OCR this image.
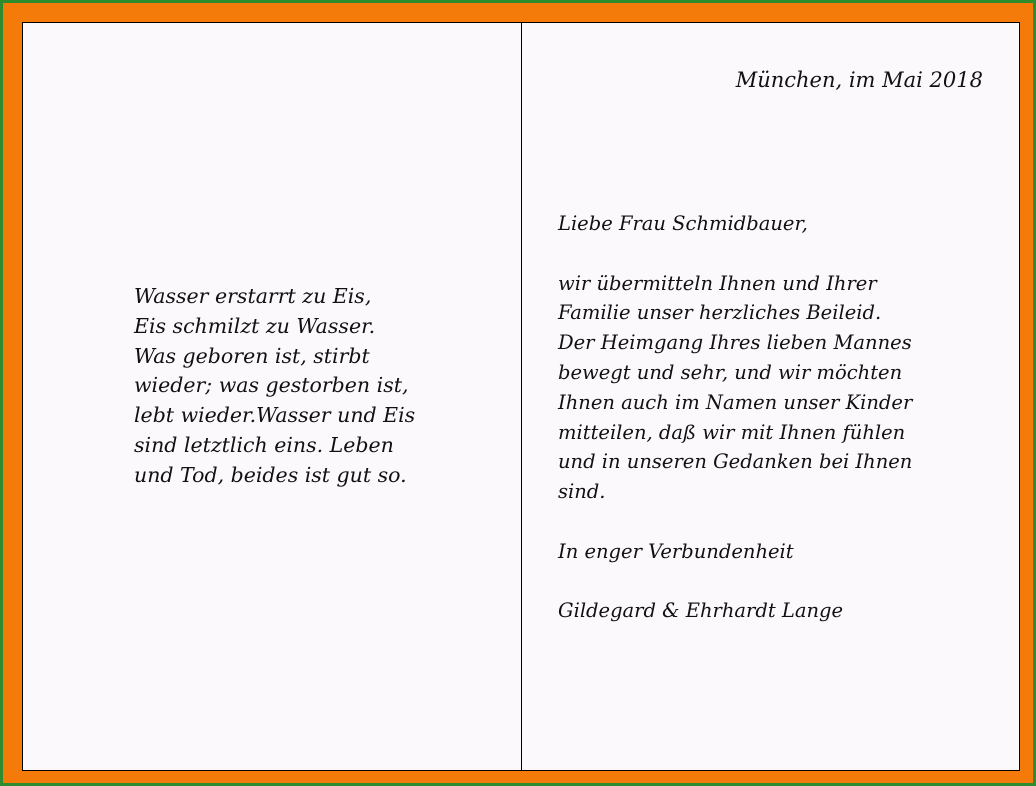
Wasser erstarrt zu Eis,
Eis schmilzt zu Wasser.
Was geboren ist, stirbt
wieder; was gestorben ist,
lebt wieder.Wasser und Eis
sind letztlich eins. Leben
und Tod, beides ist gut so.
München, im Mai 2018
Liebe Frau Schmidbauer,
wir übermitteln Ihnen und Ihrer
Familie unser herzliches Beileid.
Der Heimgang Ihres lieben Mannes
bewegt und sehr, und wir möchten
Ihnen auch im Namen unser Kinder
mitteilen, daß wir mit Ihnen fühlen
und in unseren Gedanken bei Ihnen
sind.
In enger Verbundenheit
Gildegard & Ehrhardt Lange
